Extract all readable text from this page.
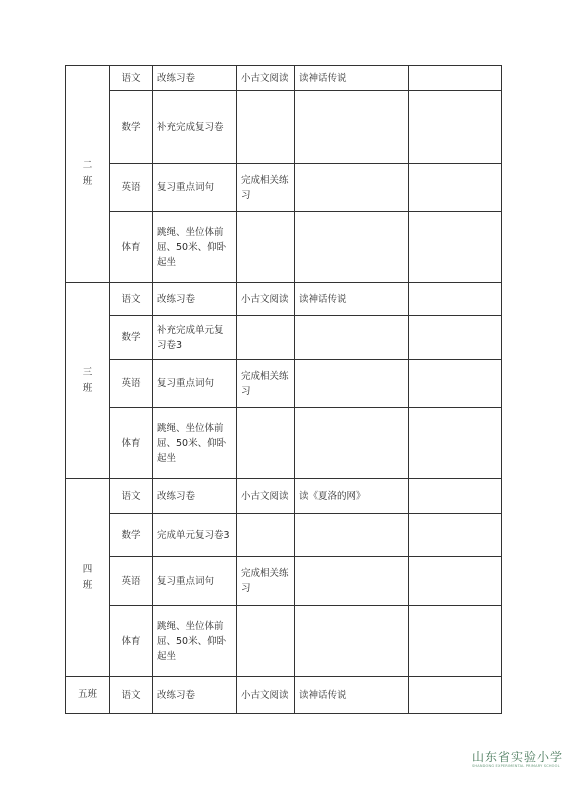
二
班	语文	改练习卷	小古文阅读	读神话传说	
	数学	补充完成复习卷			
	英语	复习重点词句	完成相关练习		
	体育	跳绳、坐位体前屈、50米、仰卧起坐			

三
班	语文	改练习卷	小古文阅读	读神话传说	
	数学	补充完成单元复习卷3			
	英语	复习重点词句	完成相关练习		
	体育	跳绳、坐位体前屈、50米、仰卧起坐			

四
班	语文	改练习卷	小古文阅读	读《夏洛的网》	
	数学	完成单元复习卷3			
	英语	复习重点词句	完成相关练习		
	体育	跳绳、坐位体前屈、50米、仰卧起坐			
五班	语文	改练习卷	小古文阅读	读神话传说	
山东省实验小学
SHANDONG EXPERIMENTAL PRIMARY SCHOOL
